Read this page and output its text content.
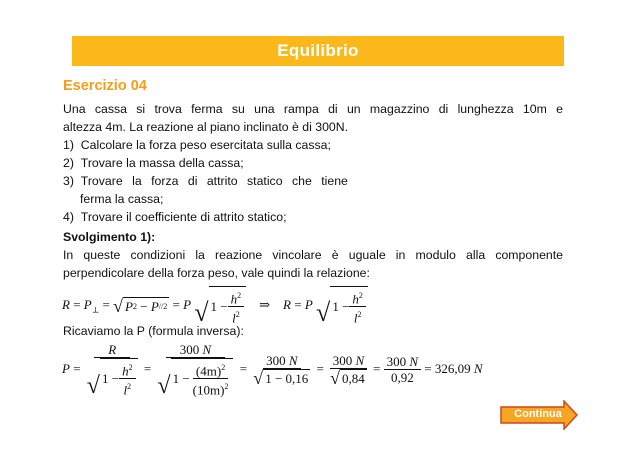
Equilibrio
Esercizio 04
Una cassa si trova ferma su una rampa di un magazzino di lunghezza 10m e
altezza 4m. La reazione al piano inclinato è di 300N.
1) Calcolare la forza peso esercitata sulla cassa;
2) Trovare la massa della cassa;
3) Trovare la forza di attrito statico che tiene
ferma la cassa;
4) Trovare il coefficiente di attrito statico;
Svolgimento 1):
In queste condizioni la reazione vincolare è uguale in modulo alla componente
perpendicolare della forza peso, vale quindi la relazione:
$R = P_\perp$ = √ P 2 − P // 2 = P √ $1 - \frac{h^2}{l^2}$ ⇒    R = P √ $1 - \frac{h^2}{l^2}$
Ricaviamo la P (formula inversa):
$P = \frac{R}{√ 1 - \frac{h^2}{l^2}} = \frac{300 N}{√ 1 - \frac{(4m)^2}{(10m)^2}} = \frac{300 N}{√ 1 - 0,16} = \frac{300 N}{√ 0,84} = \frac{300 N}{0,92} = 326,09$ N
Continua
